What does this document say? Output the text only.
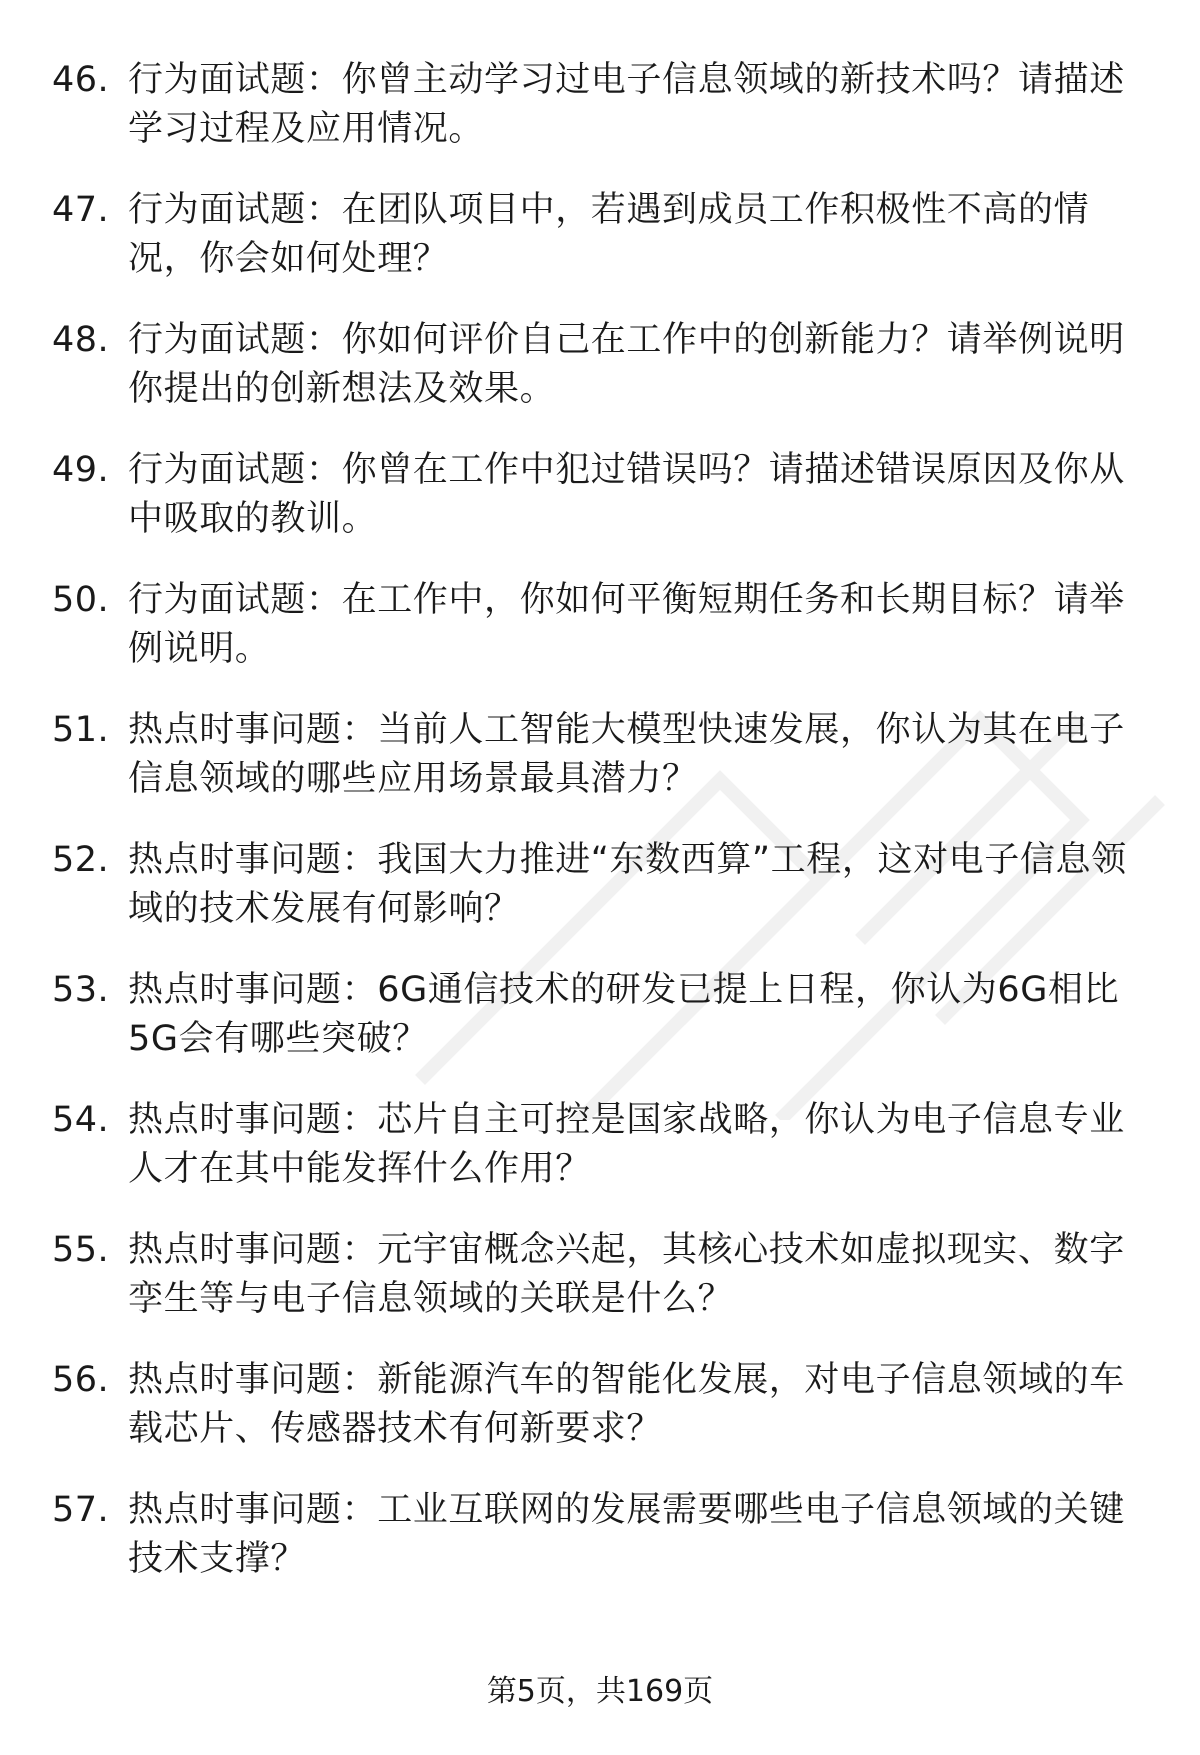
46. 行为面试题：你曾主动学习过电子信息领域的新技术吗？请描述学习过程及应用情况。
47. 行为面试题：在团队项目中，若遇到成员工作积极性不高的情况，你会如何处理？
48. 行为面试题：你如何评价自己在工作中的创新能力？请举例说明你提出的创新想法及效果。
49. 行为面试题：你曾在工作中犯过错误吗？请描述错误原因及你从中吸取的教训。
50. 行为面试题：在工作中，你如何平衡短期任务和长期目标？请举例说明。
51. 热点时事问题：当前人工智能大模型快速发展，你认为其在电子信息领域的哪些应用场景最具潜力？
52. 热点时事问题：我国大力推进“东数西算”工程，这对电子信息领域的技术发展有何影响？
53. 热点时事问题：6G通信技术的研发已提上日程，你认为6G相比5G会有哪些突破？
54. 热点时事问题：芯片自主可控是国家战略，你认为电子信息专业人才在其中能发挥什么作用？
55. 热点时事问题：元宇宙概念兴起，其核心技术如虚拟现实、数字孪生等与电子信息领域的关联是什么？
56. 热点时事问题：新能源汽车的智能化发展，对电子信息领域的车载芯片、传感器技术有何新要求？
57. 热点时事问题：工业互联网的发展需要哪些电子信息领域的关键技术支撑？
第5页，共169页
